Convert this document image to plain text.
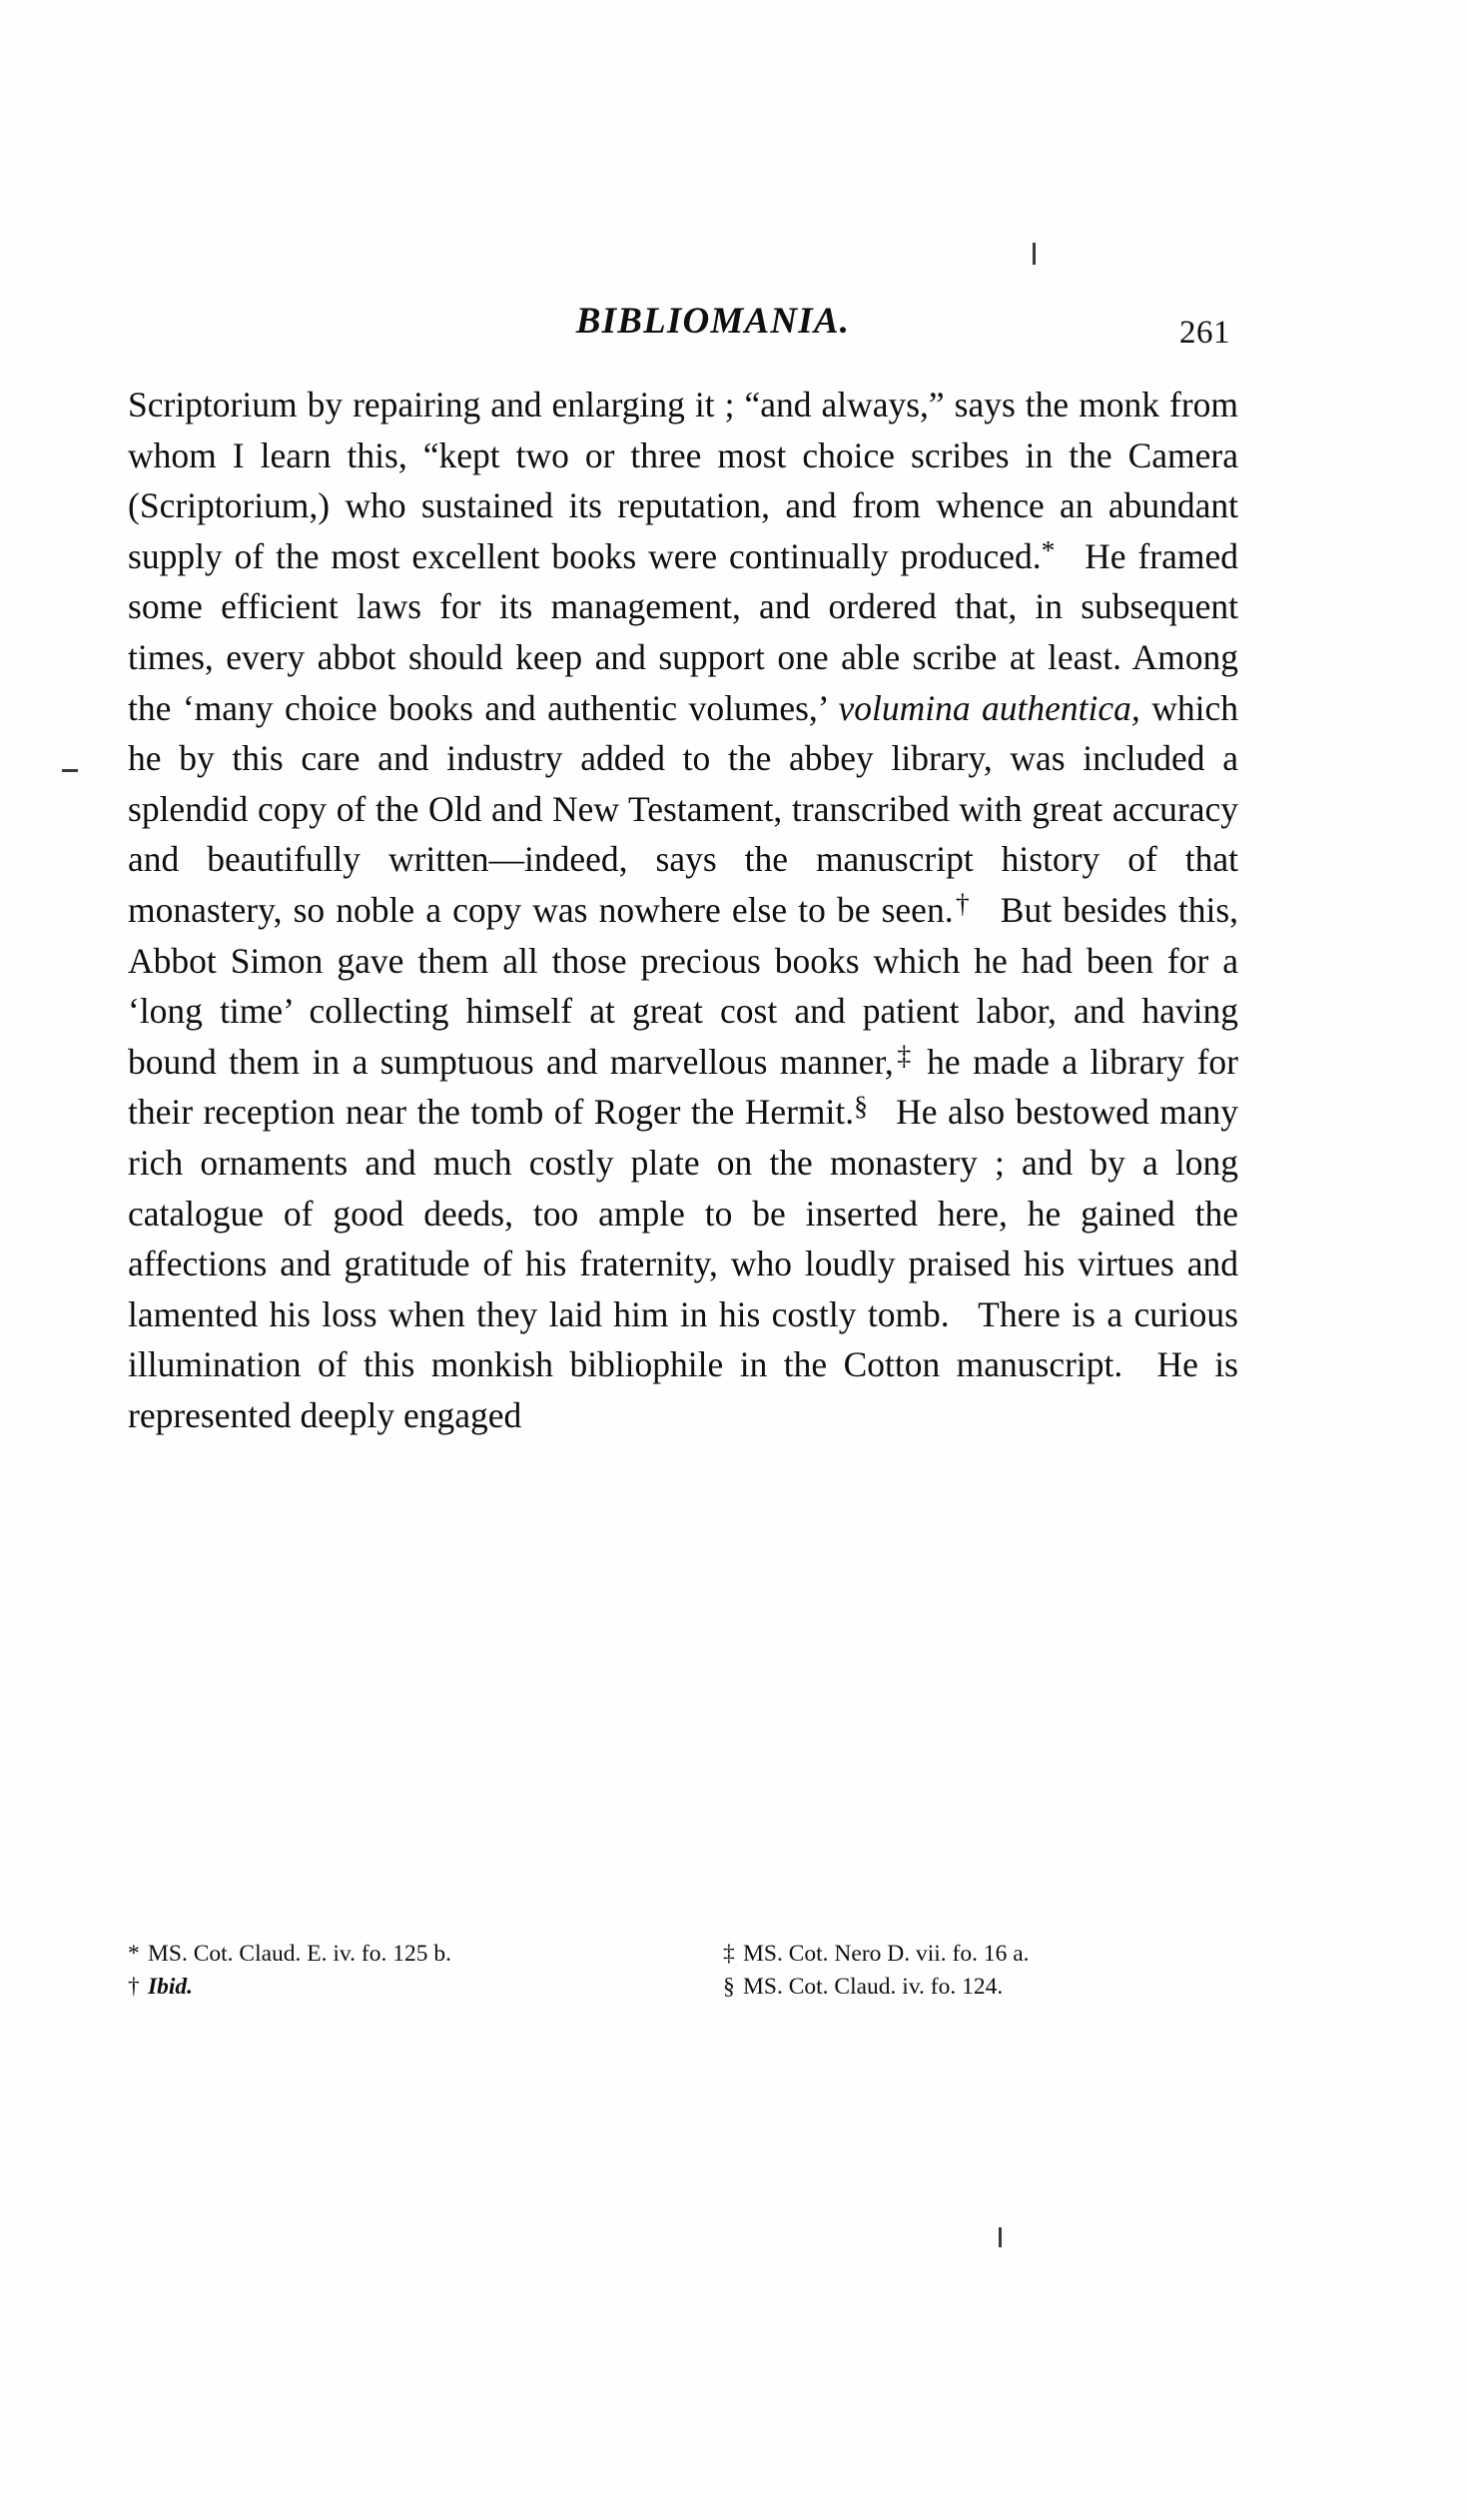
BIBLIOMANIA.	261

Scriptorium by repairing and enlarging it ; “and always,” says the monk from whom I learn this, “kept two or three most choice scribes in the Camera (Scriptorium,) who sustained its reputation, and from whence an abundant supply of the most excellent books were continually produced.*  He framed some efficient laws for its management, and ordered that, in subsequent times, every abbot should keep and support one able scribe at least. Among the ‘many choice books and authentic volumes,’ volumina authentica, which he by this care and industry added to the abbey library, was included a splendid copy of the Old and New Testament, transcribed with great accuracy and beautifully written—indeed, says the manuscript history of that monastery, so noble a copy was nowhere else to be seen.†  But besides this, Abbot Simon gave them all those precious books which he had been for a ‘long time’ collecting himself at great cost and patient labor, and having bound them in a sumptuous and marvellous manner,‡ he made a library for their reception near the tomb of Roger the Hermit.§  He also bestowed many rich ornaments and much costly plate on the monastery ; and by a long catalogue of good deeds, too ample to be inserted here, he gained the affections and gratitude of his fraternity, who loudly praised his virtues and lamented his loss when they laid him in his costly tomb.  There is a curious illumination of this monkish bibliophile in the Cotton manuscript.  He is represented deeply engaged

* MS. Cot. Claud. E. iv. fo. 125 b.	‡ MS. Cot. Nero D. vii. fo. 16 a.
† Ibid.	§ MS. Cot. Claud. iv. fo. 124.
